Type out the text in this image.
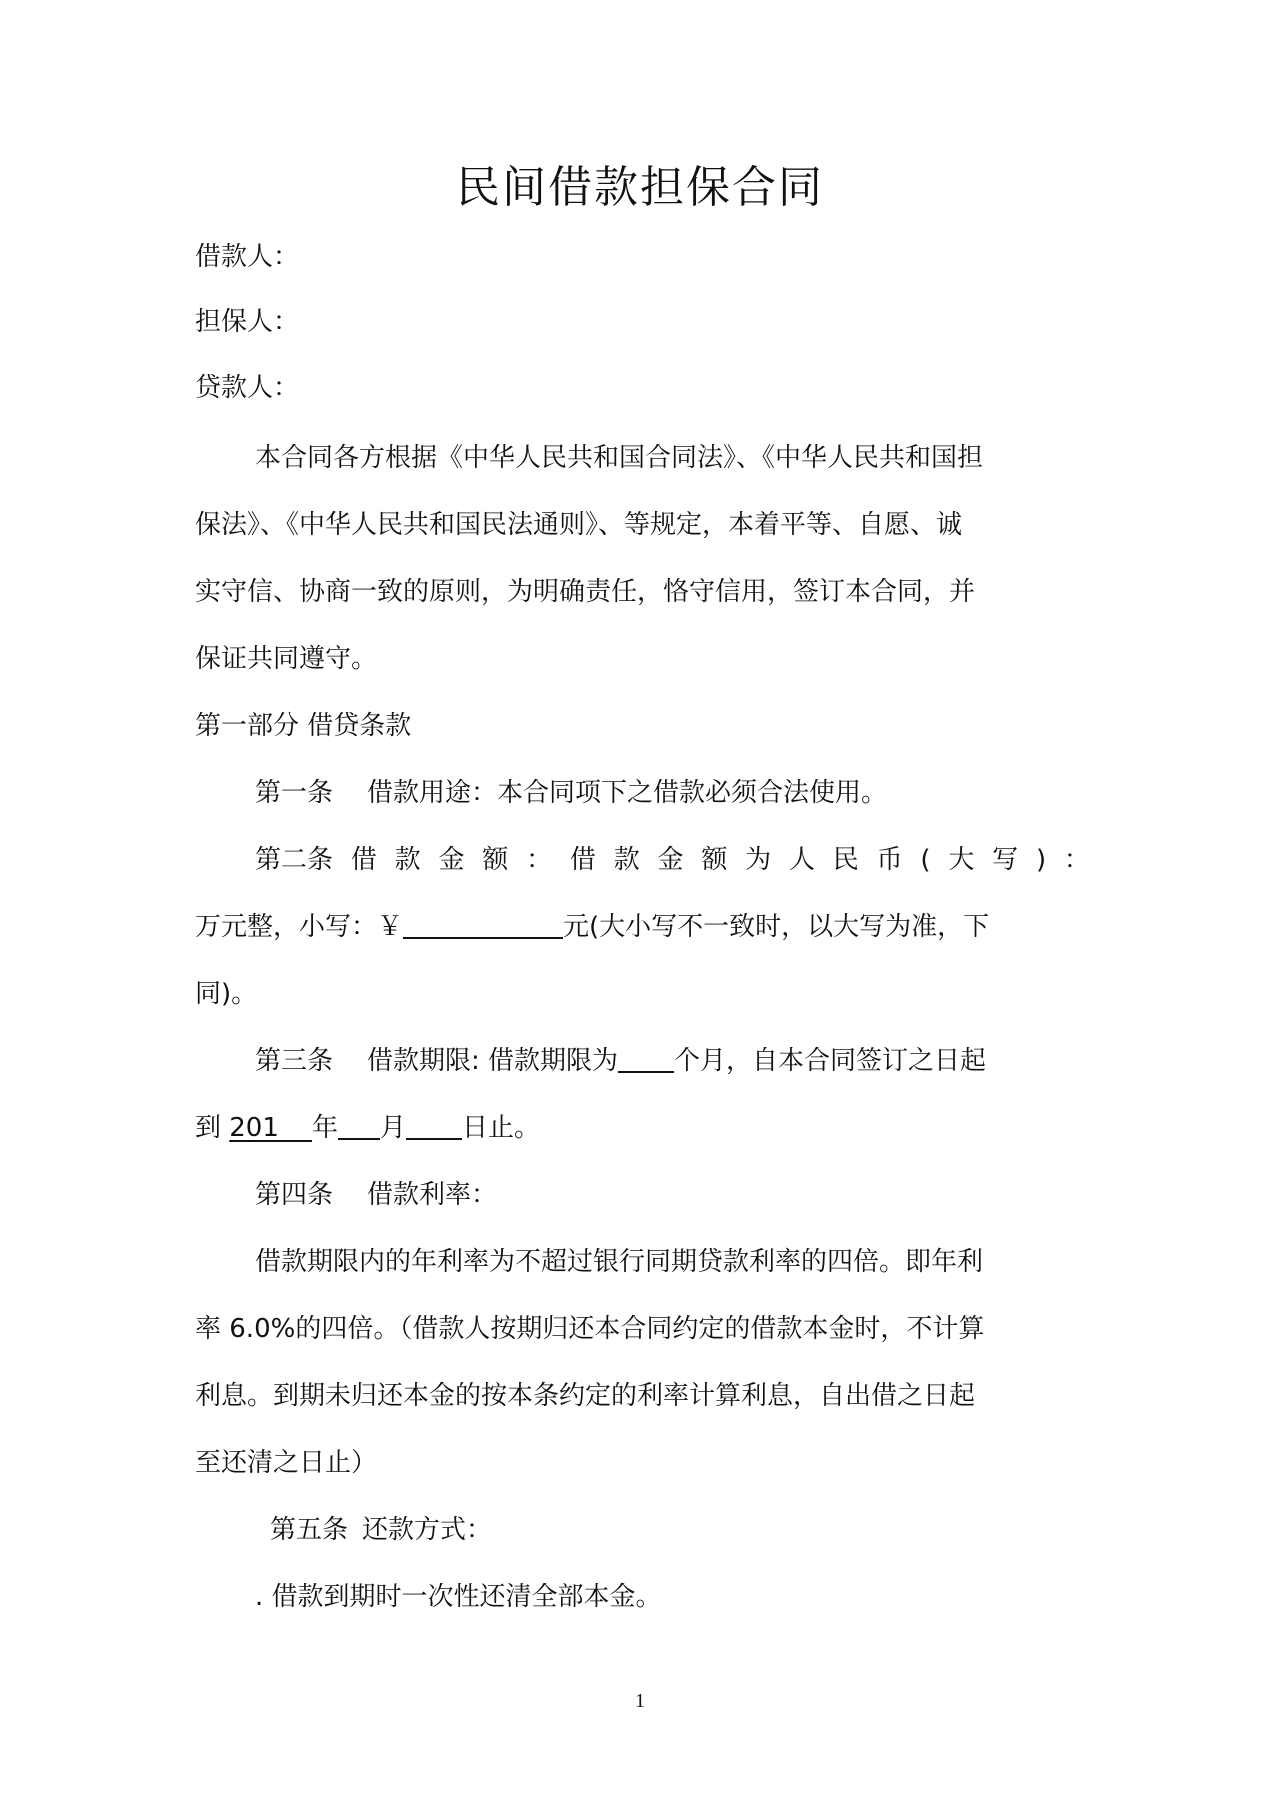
民间借款担保合同
借款人：
担保人：
贷款人：
本合同各方根据《中华人民共和国合同法》、《中华人民共和国担
保法》、《中华人民共和国民法通则》、等规定，本着平等、自愿、诚
实守信、协商一致的原则，为明确责任，恪守信用，签订本合同，并
保证共同遵守。
第一部分 借贷条款
第一条 借款用途：本合同项下之借款必须合法使用。
第二条 借 款 金 额 ： 借 款 金 额 为 人 民 币 ( 大 写 ) ：
万元整，小写：￥	元(大小写不一致时，以大写为准，下
同)。
第三条 借款期限: 借款期限为 个月，自本合同签订之日起
到 201 年 月 日止。
第四条 借款利率：
借款期限内的年利率为不超过银行同期贷款利率的四倍。即年利
率 6.0%的四倍。（借款人按期归还本合同约定的借款本金时，不计算
利息。到期未归还本金的按本条约定的利率计算利息，自出借之日起
至还清之日止）
第五条 还款方式：
. 借款到期时一次性还清全部本金。
1
